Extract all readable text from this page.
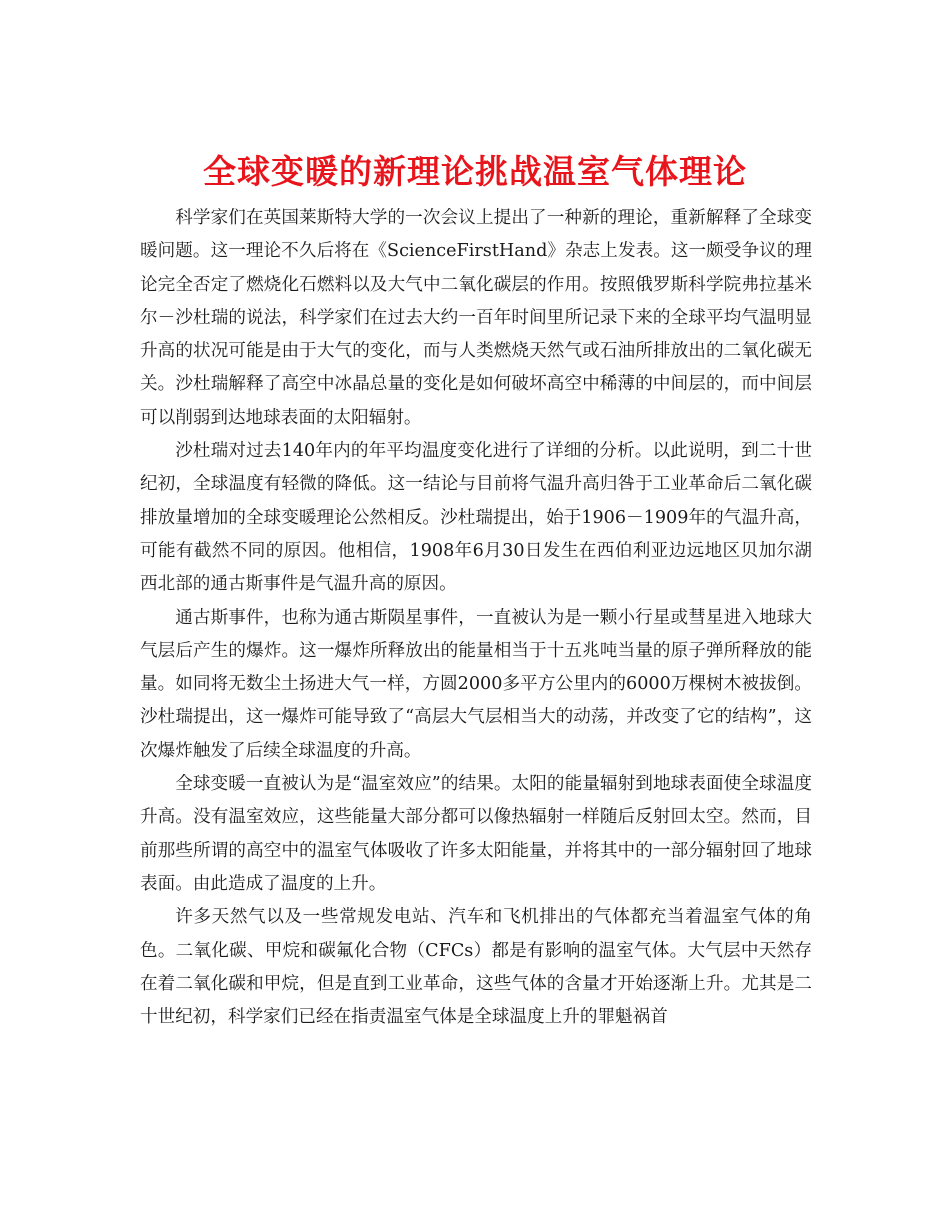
全球变暖的新理论挑战温室气体理论

科学家们在英国莱斯特大学的一次会议上提出了一种新的理论，重新解释了全球变暖问题。这一理论不久后将在《ScienceFirstHand》杂志上发表。这一颇受争议的理论完全否定了燃烧化石燃料以及大气中二氧化碳层的作用。按照俄罗斯科学院弗拉基米尔－沙杜瑞的说法，科学家们在过去大约一百年时间里所记录下来的全球平均气温明显升高的状况可能是由于大气的变化，而与人类燃烧天然气或石油所排放出的二氧化碳无关。沙杜瑞解释了高空中冰晶总量的变化是如何破坏高空中稀薄的中间层的，而中间层可以削弱到达地球表面的太阳辐射。

沙杜瑞对过去140年内的年平均温度变化进行了详细的分析。以此说明，到二十世纪初，全球温度有轻微的降低。这一结论与目前将气温升高归咎于工业革命后二氧化碳排放量增加的全球变暖理论公然相反。沙杜瑞提出，始于1906－1909年的气温升高，可能有截然不同的原因。他相信，1908年6月30日发生在西伯利亚边远地区贝加尔湖西北部的通古斯事件是气温升高的原因。

通古斯事件，也称为通古斯陨星事件，一直被认为是一颗小行星或彗星进入地球大气层后产生的爆炸。这一爆炸所释放出的能量相当于十五兆吨当量的原子弹所释放的能量。如同将无数尘土扬进大气一样，方圆2000多平方公里内的6000万棵树木被拔倒。沙杜瑞提出，这一爆炸可能导致了“高层大气层相当大的动荡，并改变了它的结构”，这次爆炸触发了后续全球温度的升高。

全球变暖一直被认为是“温室效应”的结果。太阳的能量辐射到地球表面使全球温度升高。没有温室效应，这些能量大部分都可以像热辐射一样随后反射回太空。然而，目前那些所谓的高空中的温室气体吸收了许多太阳能量，并将其中的一部分辐射回了地球表面。由此造成了温度的上升。

许多天然气以及一些常规发电站、汽车和飞机排出的气体都充当着温室气体的角色。二氧化碳、甲烷和碳氟化合物（CFCs）都是有影响的温室气体。大气层中天然存在着二氧化碳和甲烷，但是直到工业革命，这些气体的含量才开始逐渐上升。尤其是二十世纪初，科学家们已经在指责温室气体是全球温度上升的罪魁祸首
